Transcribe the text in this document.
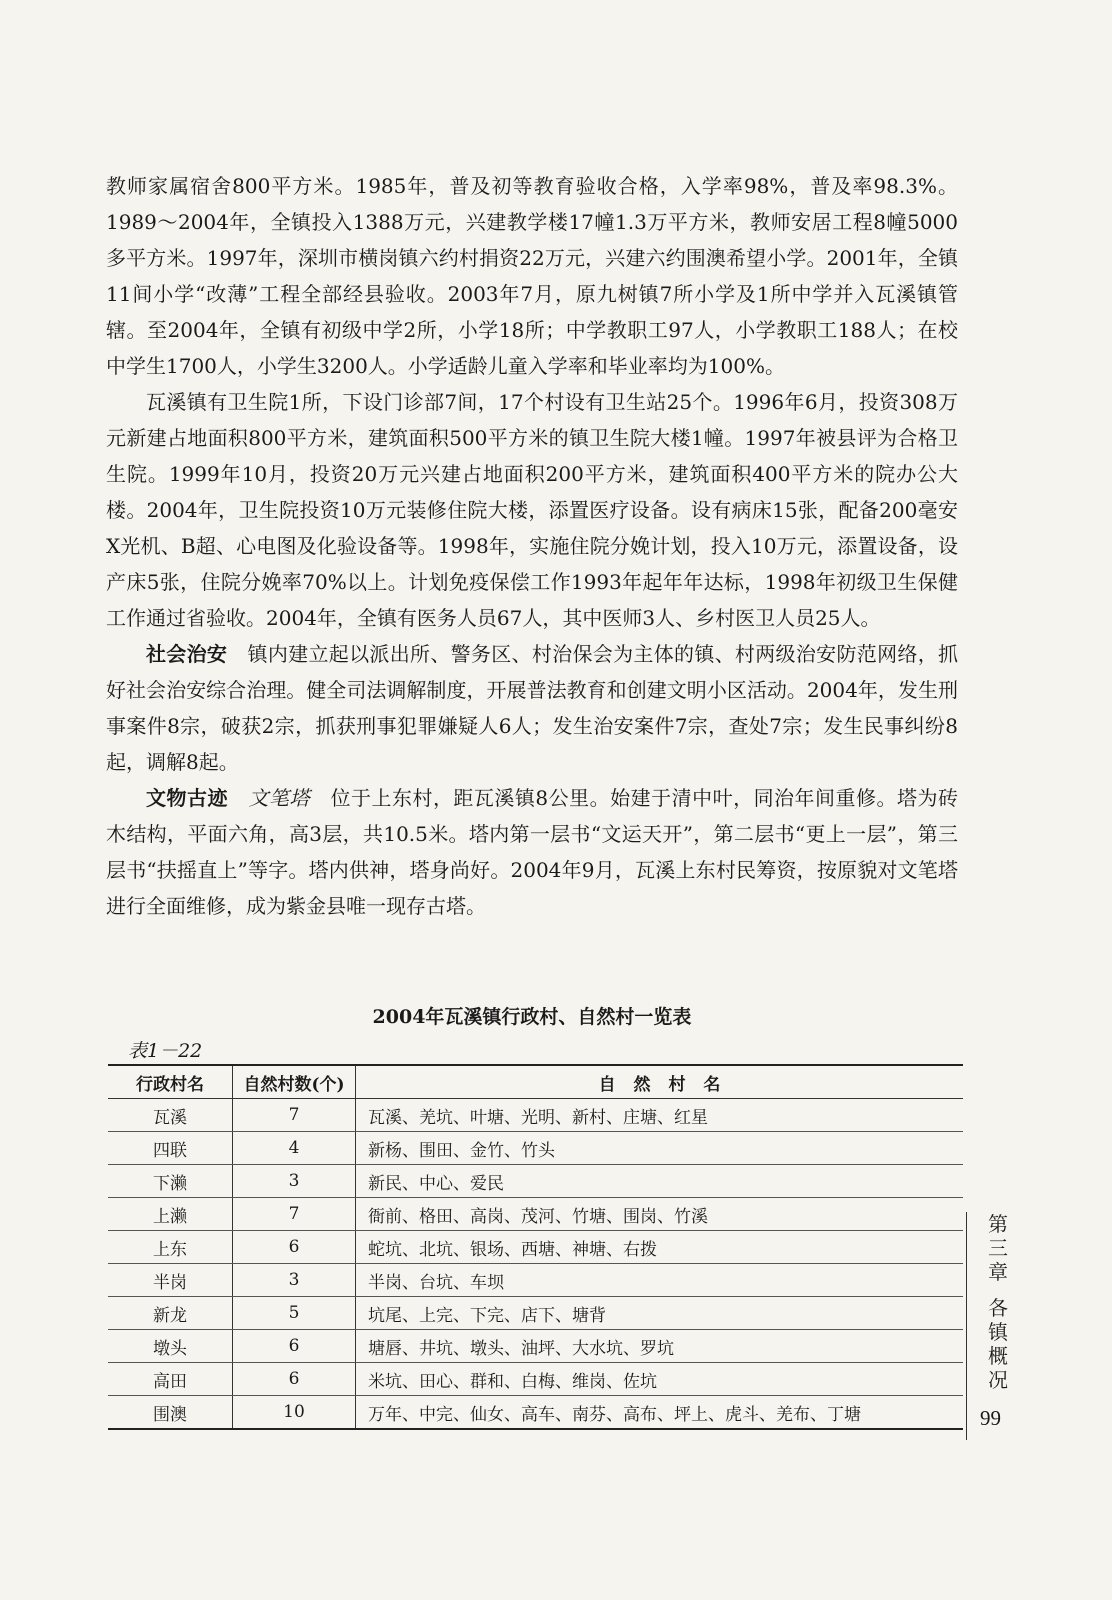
教师家属宿舍800平方米。1985年，普及初等教育验收合格，入学率98%，普及率98.3%。1989～2004年，全镇投入1388万元，兴建教学楼17幢1.3万平方米，教师安居工程8幢5000多平方米。1997年，深圳市横岗镇六约村捐资22万元，兴建六约围澳希望小学。2001年，全镇11间小学“改薄”工程全部经县验收。2003年7月，原九树镇7所小学及1所中学并入瓦溪镇管辖。至2004年，全镇有初级中学2所，小学18所；中学教职工97人，小学教职工188人；在校中学生1700人，小学生3200人。小学适龄儿童入学率和毕业率均为100%。

瓦溪镇有卫生院1所，下设门诊部7间，17个村设有卫生站25个。1996年6月，投资308万元新建占地面积800平方米，建筑面积500平方米的镇卫生院大楼1幢。1997年被县评为合格卫生院。1999年10月，投资20万元兴建占地面积200平方米，建筑面积400平方米的院办公大楼。2004年，卫生院投资10万元装修住院大楼，添置医疗设备。设有病床15张，配备200毫安X光机、B超、心电图及化验设备等。1998年，实施住院分娩计划，投入10万元，添置设备，设产床5张，住院分娩率70%以上。计划免疫保偿工作1993年起年年达标，1998年初级卫生保健工作通过省验收。2004年，全镇有医务人员67人，其中医师3人、乡村医卫人员25人。

社会治安　 镇内建立起以派出所、警务区、村治保会为主体的镇、村两级治安防范网络，抓好社会治安综合治理。健全司法调解制度，开展普法教育和创建文明小区活动。2004年，发生刑事案件8宗，破获2宗，抓获刑事犯罪嫌疑人6人；发生治安案件7宗，查处7宗；发生民事纠纷8起，调解8起。

文物古迹　 文笔塔　 位于上东村，距瓦溪镇8公里。始建于清中叶，同治年间重修。塔为砖木结构，平面六角，高3层，共10.5米。塔内第一层书“文运天开”，第二层书“更上一层”，第三层书“扶摇直上”等字。塔内供神，塔身尚好。2004年9月，瓦溪上东村民筹资，按原貌对文笔塔进行全面维修，成为紫金县唯一现存古塔。

2004年瓦溪镇行政村、自然村一览表
表1－22
行政村名	自然村数(个)	自 然 村 名
瓦溪	7	瓦溪、羌坑、叶塘、光明、新村、庄塘、红星
四联	4	新杨、围田、金竹、竹头
下濑	3	新民、中心、爱民
上濑	7	衙前、格田、高岗、茂河、竹塘、围岗、竹溪
上东	6	蛇坑、北坑、银场、西塘、神塘、右拨
半岗	3	半岗、台坑、车坝
新龙	5	坑尾、上完、下完、店下、塘背
墩头	6	塘唇、井坑、墩头、油坪、大水坑、罗坑
高田	6	米坑、田心、群和、白梅、维岗、佐坑
围澳	10	万年、中完、仙女、高车、南芬、高布、坪上、虎斗、羌布、丁塘
第
三
章
各
镇
概
况
99
